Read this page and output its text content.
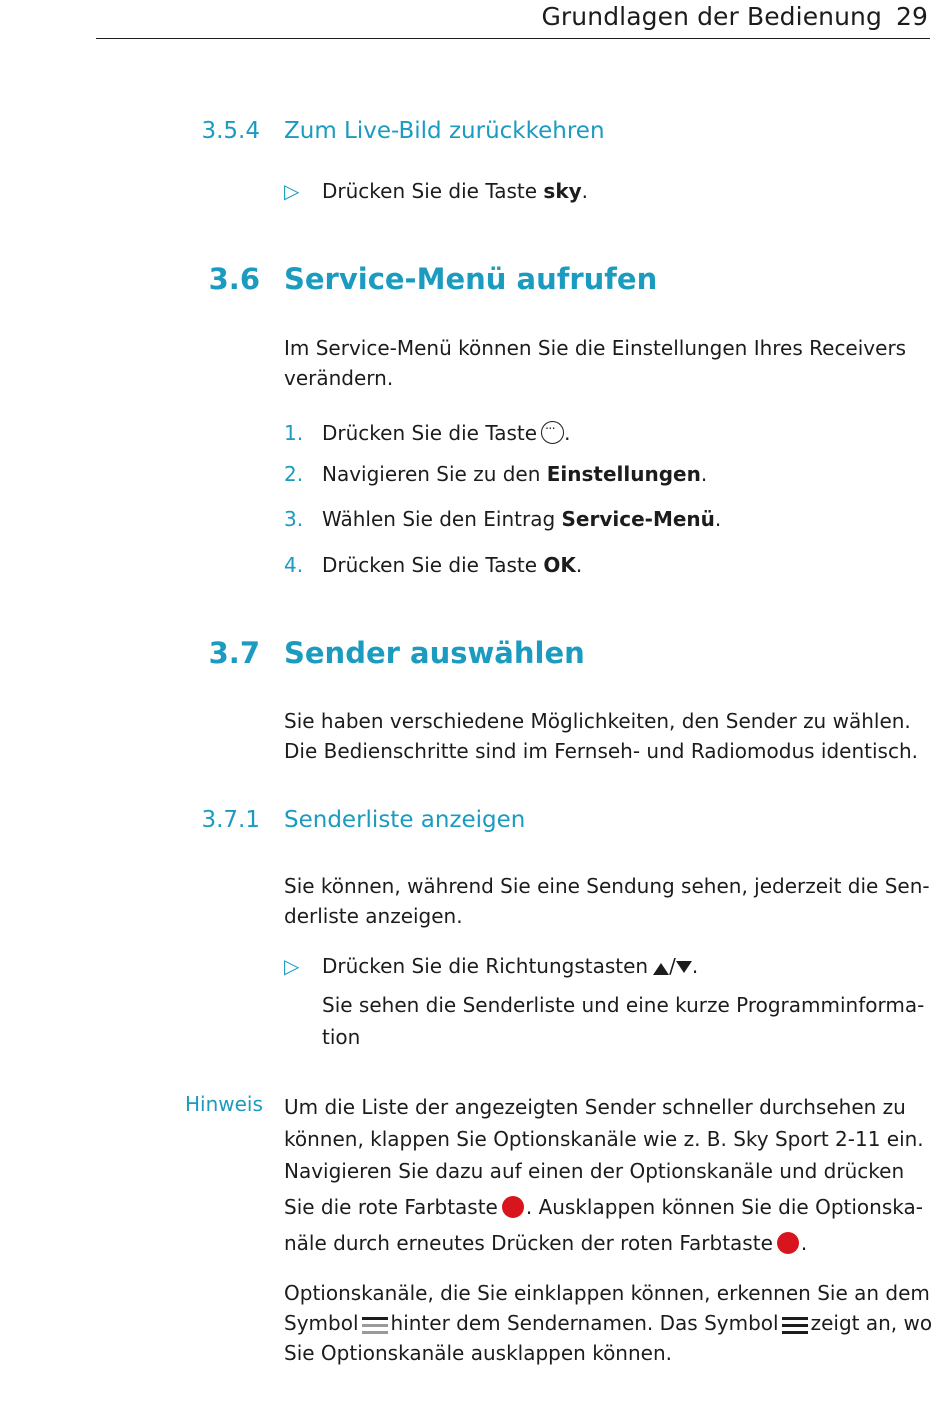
Grundlagen der Bedienung 29
3.5.4 Zum Live-Bild zurückkehren
▷ Drücken Sie die Taste sky.
3.6 Service-Menü aufrufen
Im Service-Menü können Sie die Einstellungen Ihres Receivers
verändern.
1. Drücken Sie die Taste... .
2. Navigieren Sie zu den Einstellungen.
3. Wählen Sie den Eintrag Service-Menü.
4. Drücken Sie die Taste OK.
3.7 Sender auswählen
Sie haben verschiedene Möglichkeiten, den Sender zu wählen.
Die Bedienschritte sind im Fernseh- und Radiomodus identisch.
3.7.1 Senderliste anzeigen
Sie können, während Sie eine Sendung sehen, jederzeit die Sen-
derliste anzeigen.
▷ Drücken Sie die Richtungstasten / .
Sie sehen die Senderliste und eine kurze Programminforma-
tion
Hinweis Um die Liste der angezeigten Sender schneller durchsehen zu
können, klappen Sie Optionskanäle wie z. B. Sky Sport 2-11 ein.
Navigieren Sie dazu auf einen der Optionskanäle und drücken
Sie die rote Farbtaste . Ausklappen können Sie die Optionska-
näle durch erneutes Drücken der roten Farbtaste .
Optionskanäle, die Sie einklappen können, erkennen Sie an dem
Symbol hinter dem Sendernamen. Das Symbol zeigt an, wo
Sie Optionskanäle ausklappen können.
